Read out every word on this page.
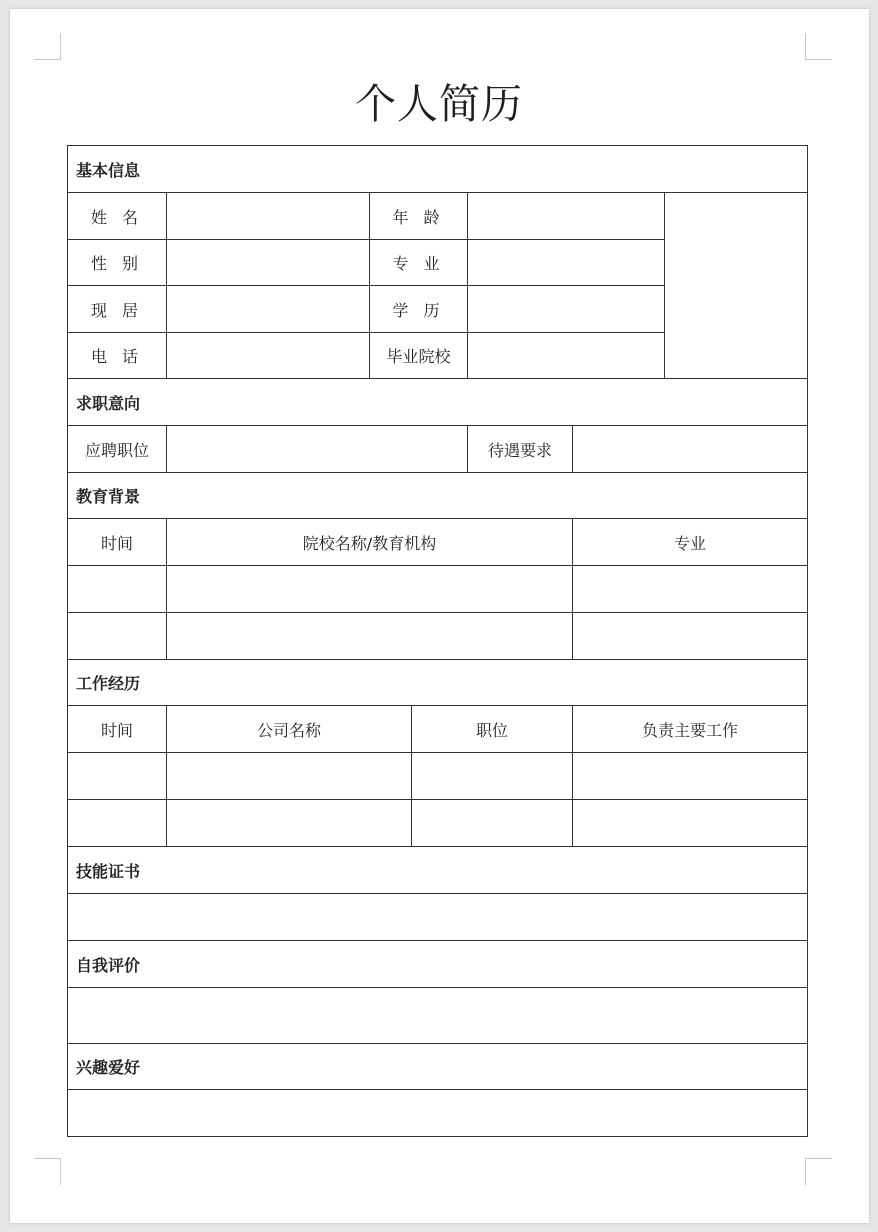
个人简历
基本信息						
姓 名		年 龄				
性 别		专 业				
现 居		学 历				
电 话		毕业院校				
求职意向						
应聘职位				待遇要求		
教育背景						
时间	院校名称/教育机构				专业	

工作经历						
时间	公司名称		职位		负责主要工作	

技能证书						

自我评价						

兴趣爱好						
